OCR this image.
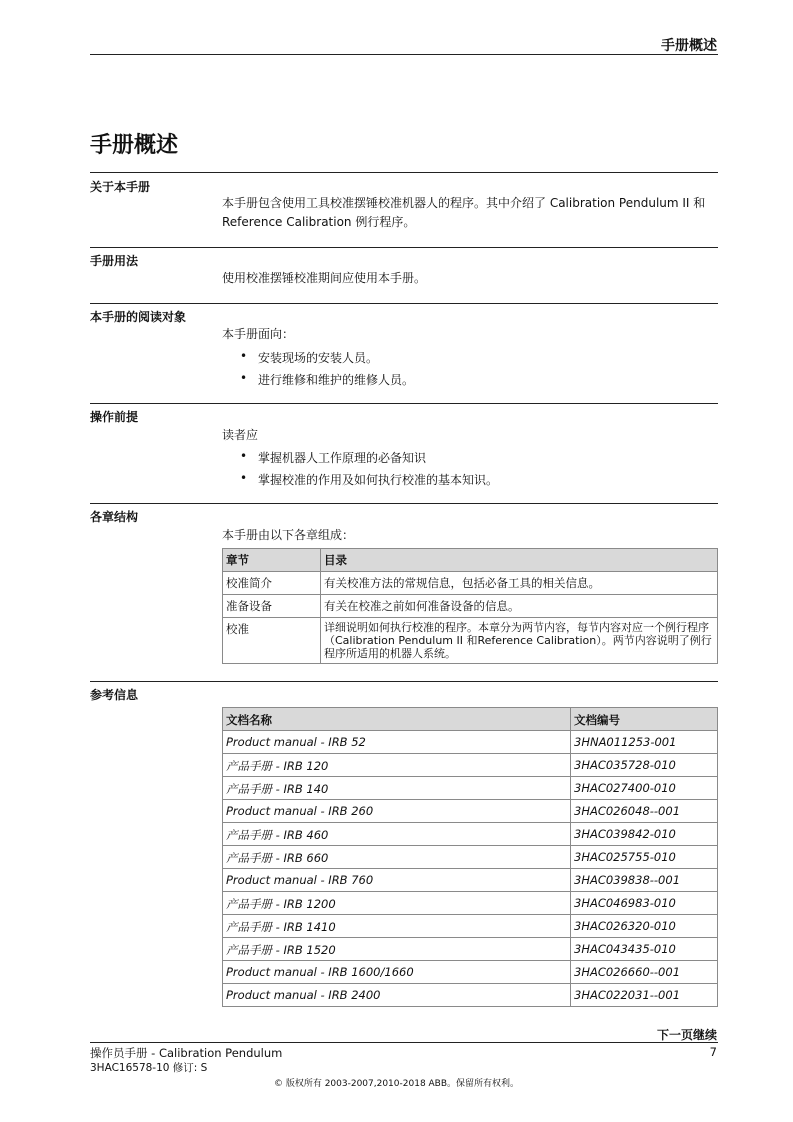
手册概述
手册概述
关于本手册
本手册包含使用工具校准摆锤校准机器人的程序。其中介绍了 Calibration Pendulum II 和 Reference Calibration 例行程序。
手册用法
使用校准摆锤校准期间应使用本手册。
本手册的阅读对象
本手册面向：
• 安装现场的安装人员。
• 进行维修和维护的维修人员。
操作前提
读者应
• 掌握机器人工作原理的必备知识
• 掌握校准的作用及如何执行校准的基本知识。
各章结构
本手册由以下各章组成：
章节	目录
校准简介	有关校准方法的常规信息，包括必备工具的相关信息。
准备设备	有关在校准之前如何准备设备的信息。
校准	详细说明如何执行校准的程序。本章分为两节内容，每节内容对应一个例行程序（Calibration Pendulum II 和Reference Calibration）。两节内容说明了例行程序所适用的机器人系统。
参考信息
文档名称	文档编号
Product manual - IRB 52	3HNA011253-001
产品手册 - IRB 120	3HAC035728-010
产品手册 - IRB 140	3HAC027400-010
Product manual - IRB 260	3HAC026048--001
产品手册 - IRB 460	3HAC039842-010
产品手册 - IRB 660	3HAC025755-010
Product manual - IRB 760	3HAC039838--001
产品手册 - IRB 1200	3HAC046983-010
产品手册 - IRB 1410	3HAC026320-010
产品手册 - IRB 1520	3HAC043435-010
Product manual - IRB 1600/1660	3HAC026660--001
Product manual - IRB 2400	3HAC022031--001
下一页继续
操作员手册 - Calibration Pendulum	7
3HAC16578-10 修订: S
© 版权所有 2003-2007,2010-2018 ABB。保留所有权利。
